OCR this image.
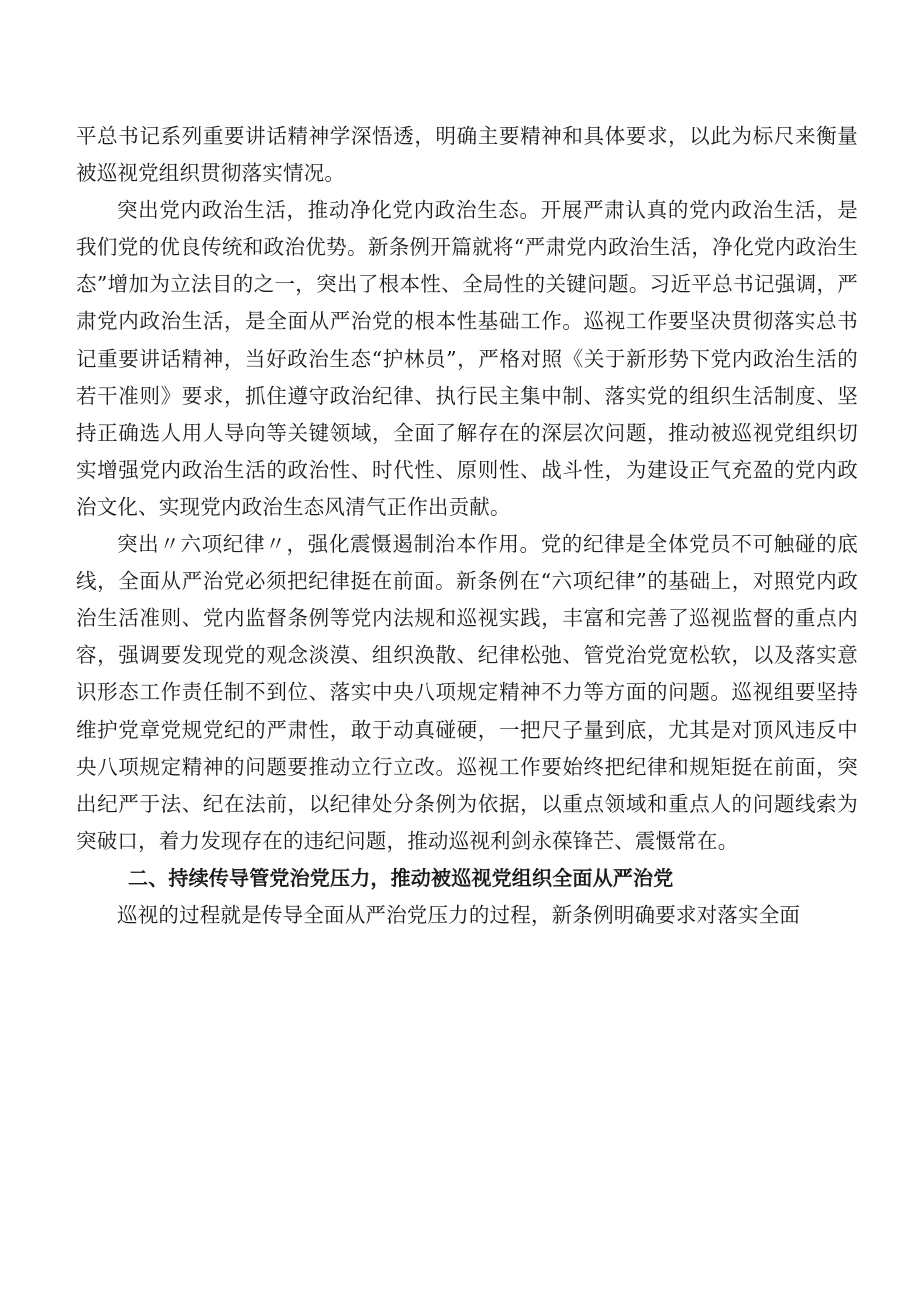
平总书记系列重要讲话精神学深悟透，明确主要精神和具体要求，以此为标尺来衡量被巡视党组织贯彻落实情况。

突出党内政治生活，推动净化党内政治生态。开展严肃认真的党内政治生活，是我们党的优良传统和政治优势。新条例开篇就将“严肃党内政治生活，净化党内政治生态”增加为立法目的之一，突出了根本性、全局性的关键问题。习近平总书记强调，严肃党内政治生活，是全面从严治党的根本性基础工作。巡视工作要坚决贯彻落实总书记重要讲话精神，当好政治生态“护林员”，严格对照《关于新形势下党内政治生活的若干准则》要求，抓住遵守政治纪律、执行民主集中制、落实党的组织生活制度、坚持正确选人用人导向等关键领域，全面了解存在的深层次问题，推动被巡视党组织切实增强党内政治生活的政治性、时代性、原则性、战斗性，为建设正气充盈的党内政治文化、实现党内政治生态风清气正作出贡献。

突出〃六项纪律〃，强化震慑遏制治本作用。党的纪律是全体党员不可触碰的底线，全面从严治党必须把纪律挺在前面。新条例在“六项纪律”的基础上，对照党内政治生活准则、党内监督条例等党内法规和巡视实践，丰富和完善了巡视监督的重点内容，强调要发现党的观念淡漠、组织涣散、纪律松弛、管党治党宽松软，以及落实意识形态工作责任制不到位、落实中央八项规定精神不力等方面的问题。巡视组要坚持维护党章党规党纪的严肃性，敢于动真碰硬，一把尺子量到底，尤其是对顶风违反中央八项规定精神的问题要推动立行立改。巡视工作要始终把纪律和规矩挺在前面，突出纪严于法、纪在法前，以纪律处分条例为依据，以重点领域和重点人的问题线索为突破口，着力发现存在的违纪问题，推动巡视利剑永葆锋芒、震慑常在。

二、持续传导管党治党压力，推动被巡视党组织全面从严治党

巡视的过程就是传导全面从严治党压力的过程，新条例明确要求对落实全面
